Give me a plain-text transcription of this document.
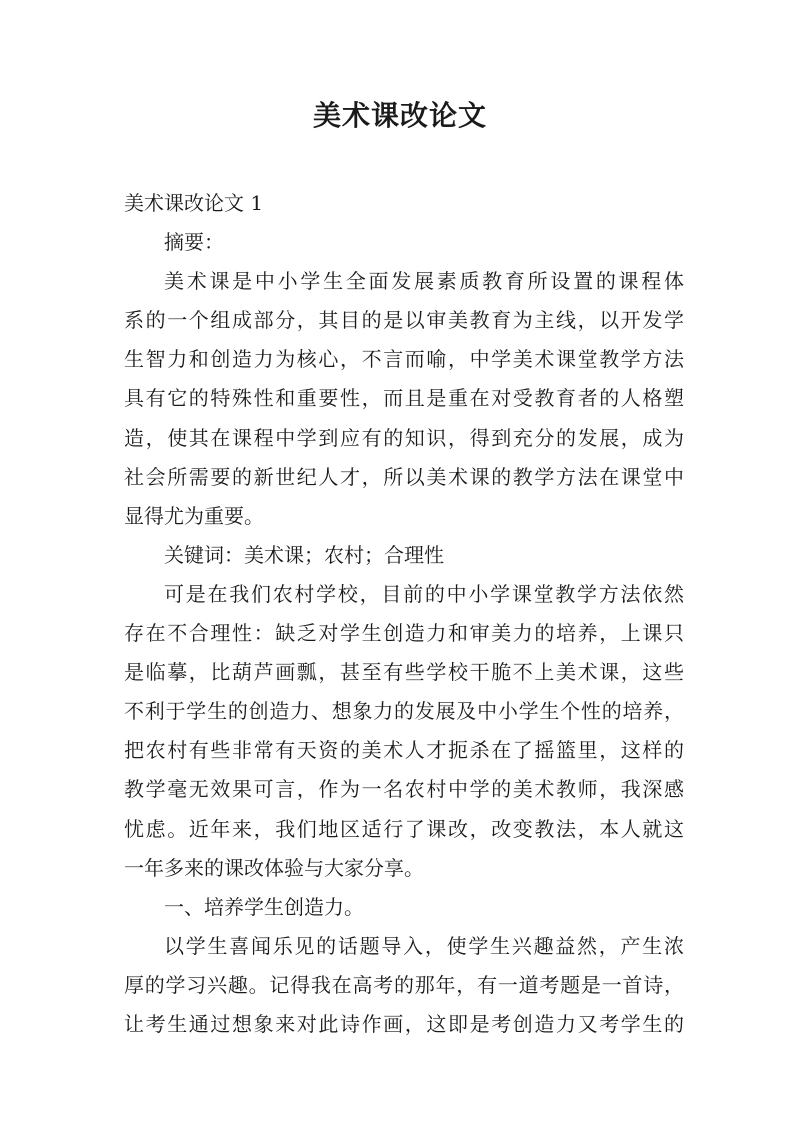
美术课改论文
美术课改论文 1
摘要：
美术课是中小学生全面发展素质教育所设置的课程体
系的一个组成部分，其目的是以审美教育为主线，以开发学
生智力和创造力为核心，不言而喻，中学美术课堂教学方法
具有它的特殊性和重要性，而且是重在对受教育者的人格塑
造，使其在课程中学到应有的知识，得到充分的发展，成为
社会所需要的新世纪人才，所以美术课的教学方法在课堂中
显得尤为重要。
关键词：美术课；农村；合理性
可是在我们农村学校，目前的中小学课堂教学方法依然
存在不合理性：缺乏对学生创造力和审美力的培养，上课只
是临摹，比葫芦画瓢，甚至有些学校干脆不上美术课，这些
不利于学生的创造力、想象力的发展及中小学生个性的培养，
把农村有些非常有天资的美术人才扼杀在了摇篮里，这样的
教学毫无效果可言，作为一名农村中学的美术教师，我深感
忧虑。近年来，我们地区适行了课改，改变教法，本人就这
一年多来的课改体验与大家分享。
一、培养学生创造力。
以学生喜闻乐见的话题导入，使学生兴趣益然，产生浓
厚的学习兴趣。记得我在高考的那年，有一道考题是一首诗，
让考生通过想象来对此诗作画，这即是考创造力又考学生的
